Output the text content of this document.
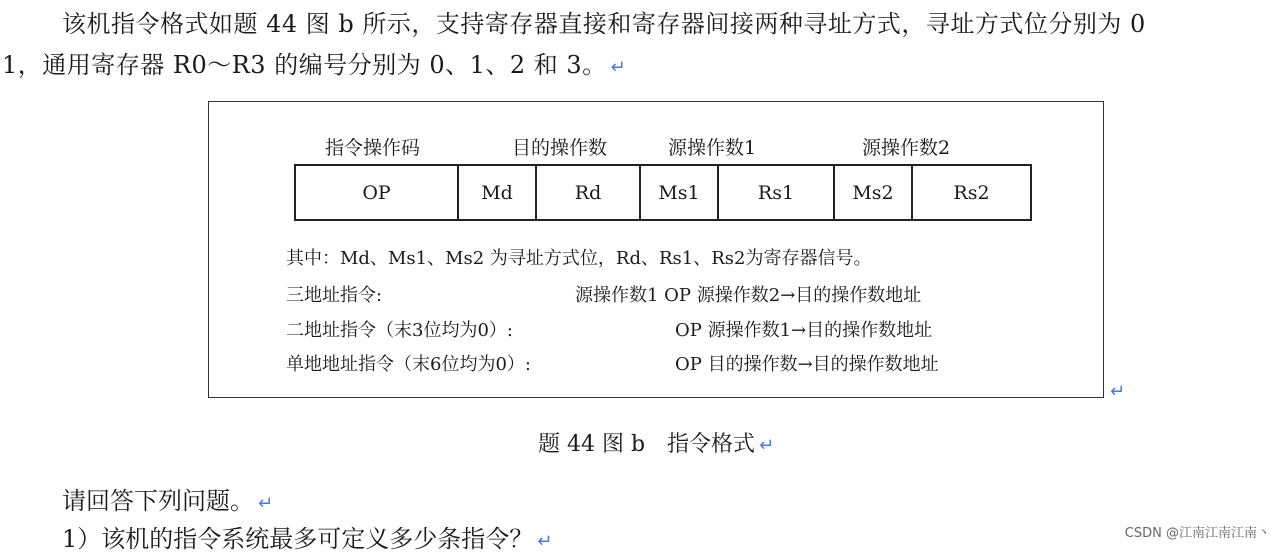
该机指令格式如题 44 图 b 所示，支持寄存器直接和寄存器间接两种寻址方式，寻址方式位分别为 0
1，通用寄存器 R0～R3 的编号分别为 0、1、2 和 3。 ↵
↵
指令操作码	目的操作数	源操作数1	源操作数2
OP	Md	Rd	Ms1	Rs1	Ms2	Rs2
其中：Md、Ms1、Ms2 为寻址方式位，Rd、Rs1、Rs2为寄存器信号。
三地址指令:	源操作数1 OP 源操作数2→目的操作数地址
二地址指令（末3位均为0）:	OP 源操作数1→目的操作数地址
单地地址指令（末6位均为0）:	OP 目的操作数→目的操作数地址
题 44 图 b　指令格式 ↵
请回答下列问题。 ↵
1）该机的指令系统最多可定义多少条指令？ ↵	CSDN @江南江南江南丶
